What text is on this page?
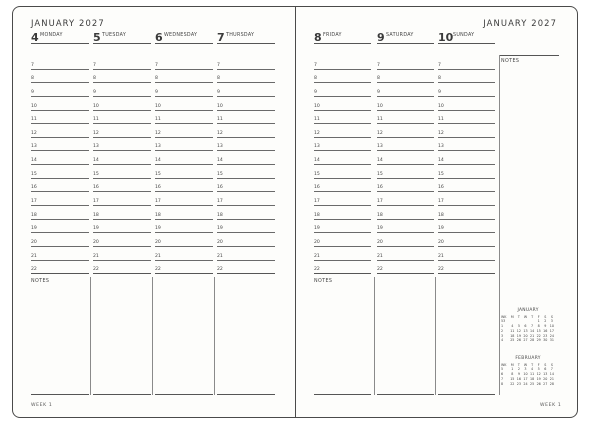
JANUARY 2027
4 MONDAY
7
8
9
10
11
12
13
14
15
16
17
18
19
20
21
22
5 TUESDAY
7
8
9
10
11
12
13
14
15
16
17
18
19
20
21
22
6 WEDNESDAY
7
8
9
10
11
12
13
14
15
16
17
18
19
20
21
22
7 THURSDAY
7
8
9
10
11
12
13
14
15
16
17
18
19
20
21
22
NOTES
WEEK 1
JANUARY 2027
8 FRIDAY
7
8
9
10
11
12
13
14
15
16
17
18
19
20
21
22
9 SATURDAY
7
8
9
10
11
12
13
14
15
16
17
18
19
20
21
22
10 SUNDAY
7
8
9
10
11
12
13
14
15
16
17
18
19
20
21
22
NOTES
WEEK 1
NOTES
JANUARY
WK	M	T	W	T	F	S	S
53					1	2	3
1	4	5	6	7	8	9	10
2	11	12	13	14	15	16	17
3	18	19	20	21	22	23	24
4	25	26	27	28	29	30	31
FEBRUARY
WK	M	T	W	T	F	S	S
5	1	2	3	4	5	6	7
6	8	9	10	11	12	13	14
7	15	16	17	18	19	20	21
8	22	23	24	25	26	27	28
